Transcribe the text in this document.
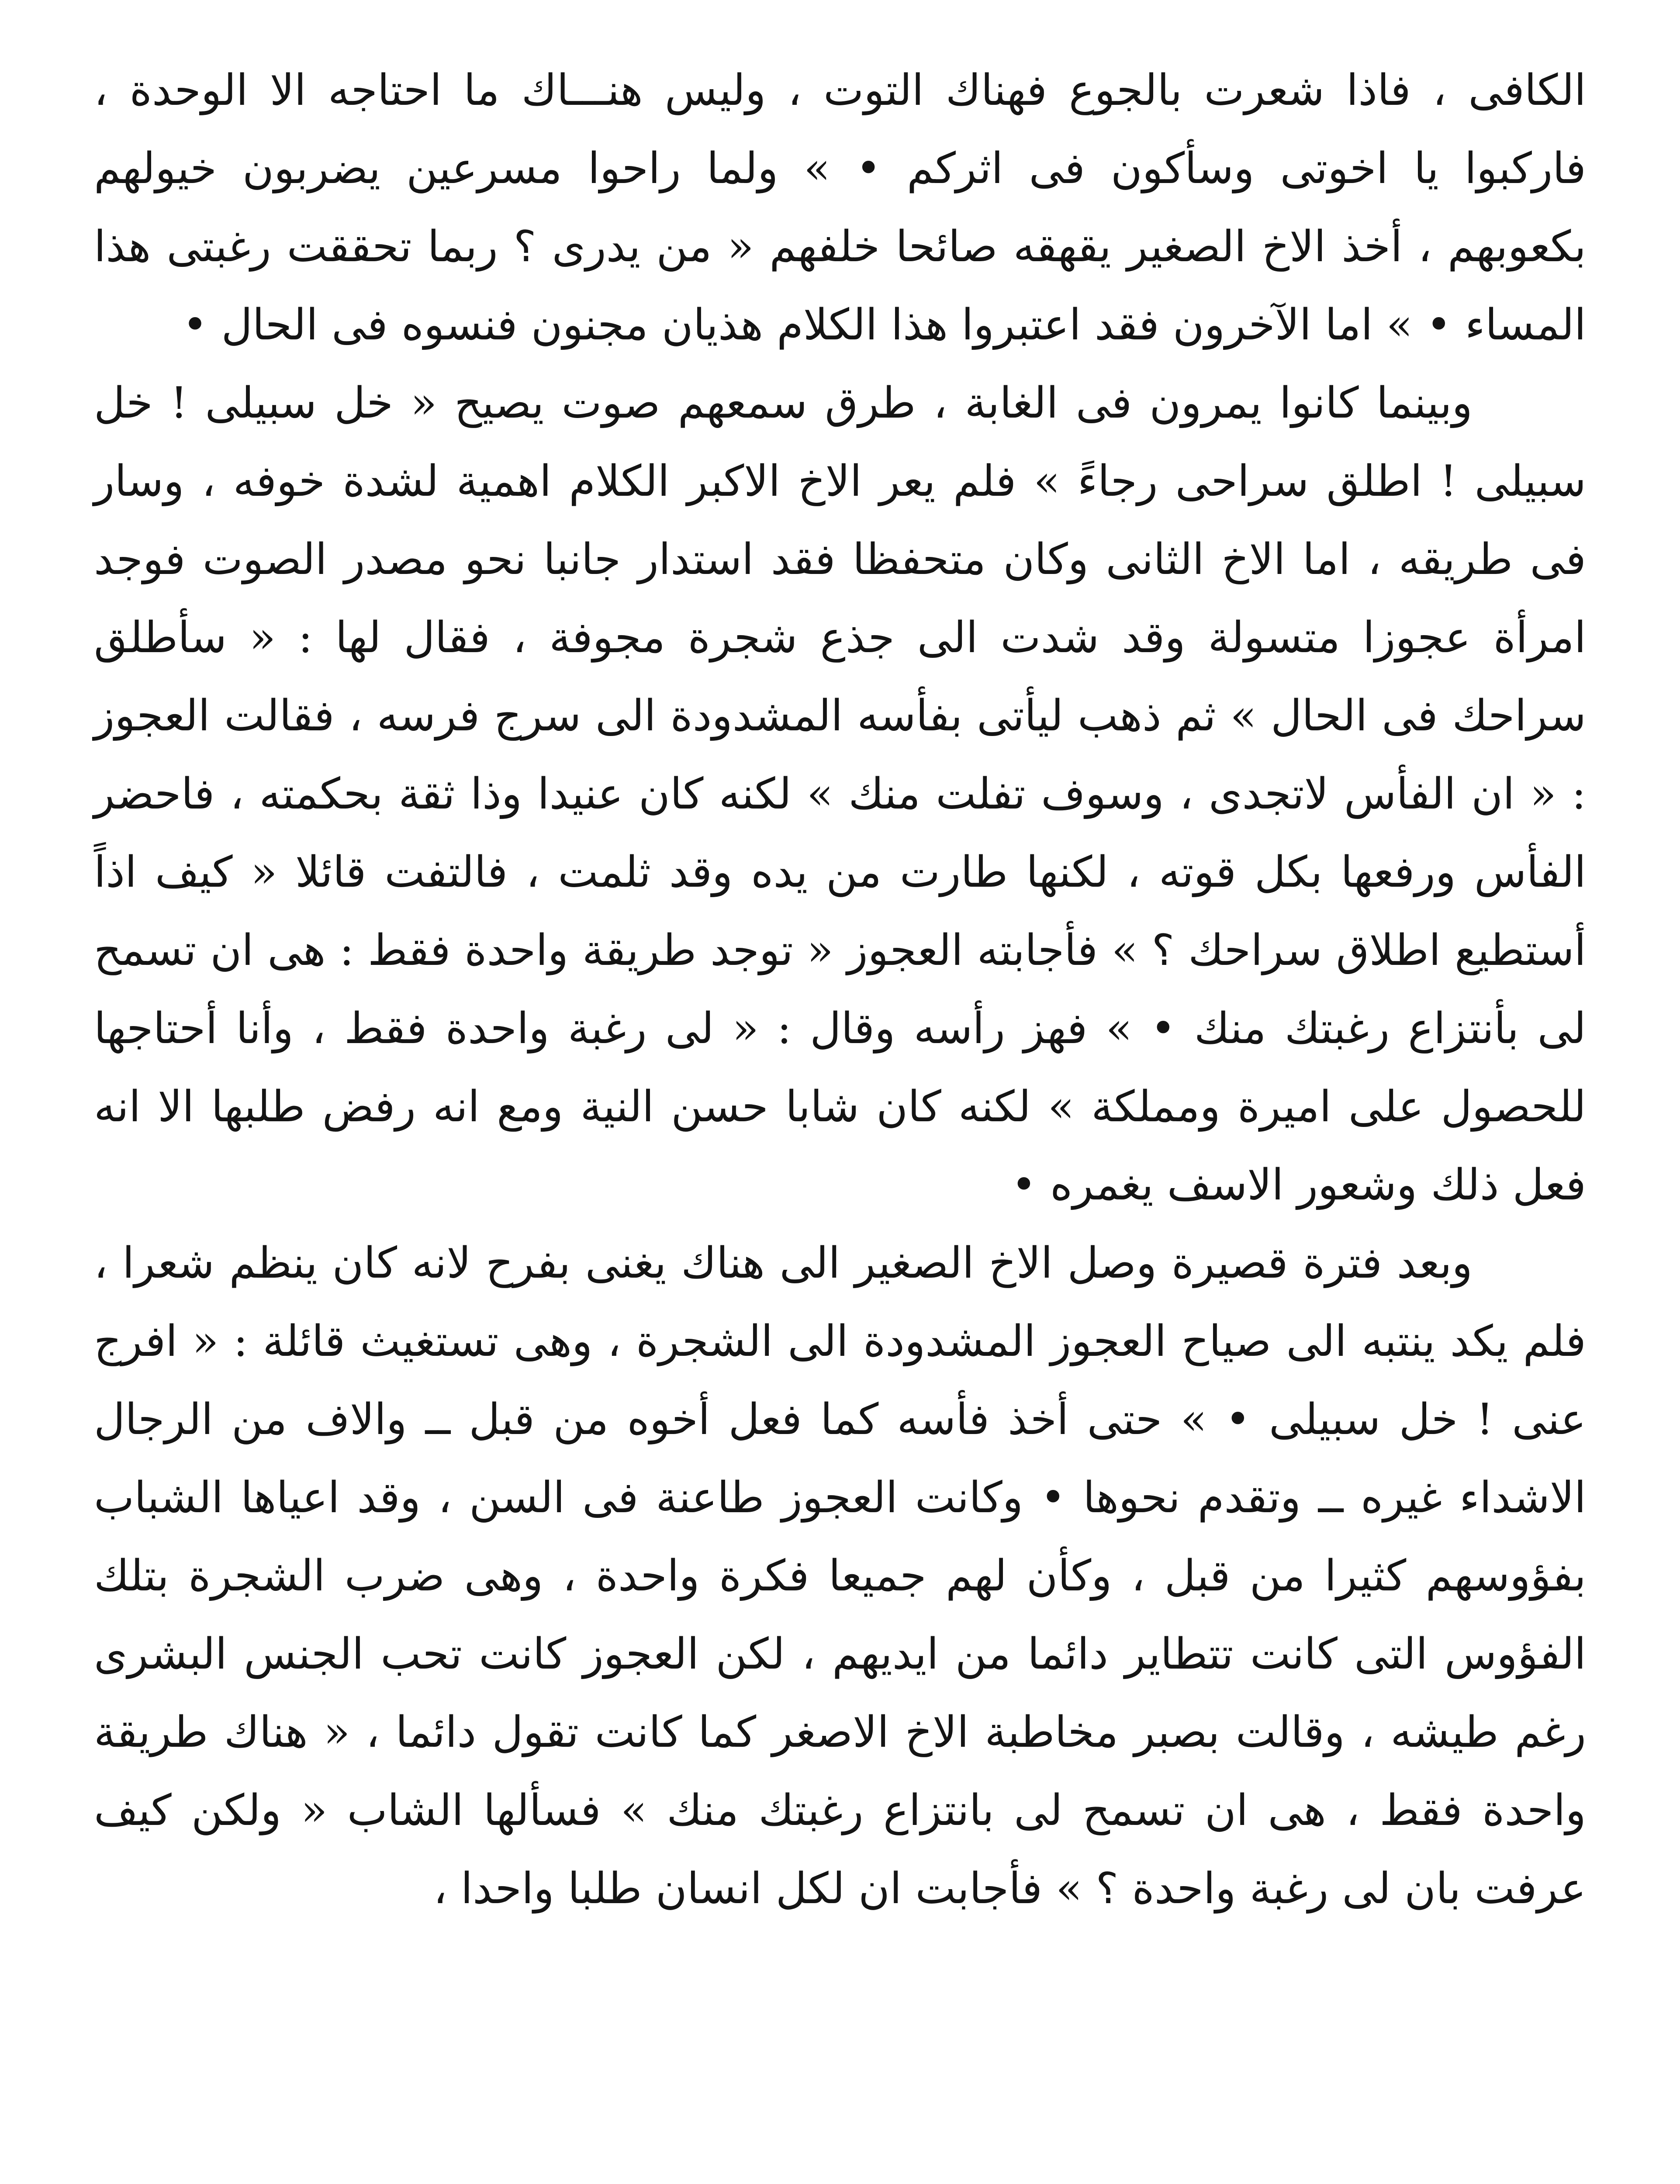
الكافى ، فاذا شعرت بالجوع فهناك التوت ، وليس هنـــاك ما احتاجه الا الوحدة ، فاركبوا يا اخوتى وسأكون فى اثركم • » ولما راحوا مسرعين يضربون خيولهم بكعوبهم ، أخذ الاخ الصغير يقهقه صائحا خلفهم « من يدرى ؟ ربما تحققت رغبتى هذا المساء • » اما الآخرون فقد اعتبروا هذا الكلام هذيان مجنون فنسوه فى الحال •

وبينما كانوا يمرون فى الغابة ، طرق سمعهم صوت يصيح « خل سبيلى ! خل سبيلى ! اطلق سراحى رجاءً » فلم يعر الاخ الاكبر الكلام اهمية لشدة خوفه ، وسار فى طريقه ، اما الاخ الثانى وكان متحفظا فقد استدار جانبا نحو مصدر الصوت فوجد امرأة عجوزا متسولة وقد شدت الى جذع شجرة مجوفة ، فقال لها : « سأطلق سراحك فى الحال » ثم ذهب ليأتى بفأسه المشدودة الى سرج فرسه ، فقالت العجوز : « ان الفأس لاتجدى ، وسوف تفلت منك » لكنه كان عنيدا وذا ثقة بحكمته ، فاحضر الفأس ورفعها بكل قوته ، لكنها طارت من يده وقد ثلمت ، فالتفت قائلا « كيف اذاً أستطيع اطلاق سراحك ؟ » فأجابته العجوز « توجد طريقة واحدة فقط : هى ان تسمح لى بأنتزاع رغبتك منك • » فهز رأسه وقال : « لى رغبة واحدة فقط ، وأنا أحتاجها للحصول على اميرة ومملكة » لكنه كان شابا حسن النية ومع انه رفض طلبها الا انه فعل ذلك وشعور الاسف يغمره •

وبعد فترة قصيرة وصل الاخ الصغير الى هناك يغنى بفرح لانه كان ينظم شعرا ، فلم يكد ينتبه الى صياح العجوز المشدودة الى الشجرة ، وهى تستغيث قائلة : « افرج عنى ! خل سبيلى • » حتى أخذ فأسه كما فعل أخوه من قبل ــ والاف من الرجال الاشداء غيره ــ وتقدم نحوها • وكانت العجوز طاعنة فى السن ، وقد اعياها الشباب بفؤوسهم كثيرا من قبل ، وكأن لهم جميعا فكرة واحدة ، وهى ضرب الشجرة بتلك الفؤوس التى كانت تتطاير دائما من ايديهم ، لكن العجوز كانت تحب الجنس البشرى رغم طيشه ، وقالت بصبر مخاطبة الاخ الاصغر كما كانت تقول دائما ، « هناك طريقة واحدة فقط ، هى ان تسمح لى بانتزاع رغبتك منك » فسألها الشاب « ولكن كيف عرفت بان لى رغبة واحدة ؟ » فأجابت ان لكل انسان طلبا واحدا ،
